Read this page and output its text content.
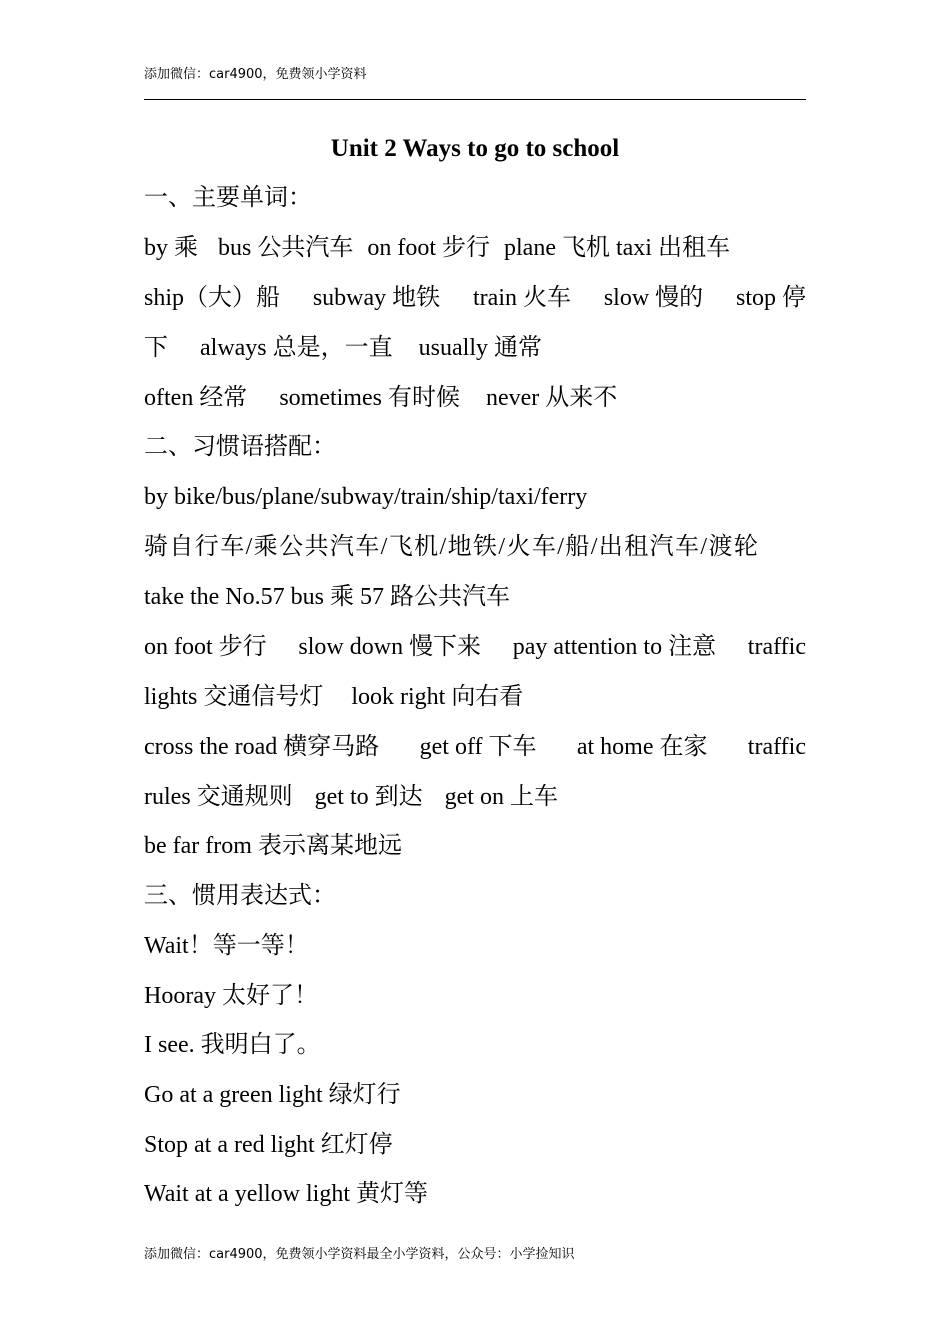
添加微信：car4900，免费领小学资料
Unit 2 Ways to go to school
一、主要单词：
by 乘 bus 公共汽车 on foot 步行 plane 飞机 taxi 出租车
ship（大）船 subway 地铁 train 火车 slow 慢的 stop 停
下 always 总是，一直 usually 通常
often 经常 sometimes 有时候 never 从来不
二、习惯语搭配：
by bike/bus/plane/subway/train/ship/taxi/ferry
骑自行车/乘公共汽车/飞机/地铁/火车/船/出租汽车/渡轮
take the No.57 bus 乘 57 路公共汽车
on foot 步行 slow down 慢下来 pay attention to 注意 traffic
lights 交通信号灯 look right 向右看
cross the road 横穿马路 get off 下车 at home 在家 traffic
rules 交通规则 get to 到达 get on 上车
be far from 表示离某地远
三、惯用表达式：
Wait！等一等！
Hooray 太好了！
I see. 我明白了。
Go at a green light 绿灯行
Stop at a red light 红灯停
Wait at a yellow light 黄灯等
添加微信：car4900，免费领小学资料最全小学资料，公众号：小学捡知识
